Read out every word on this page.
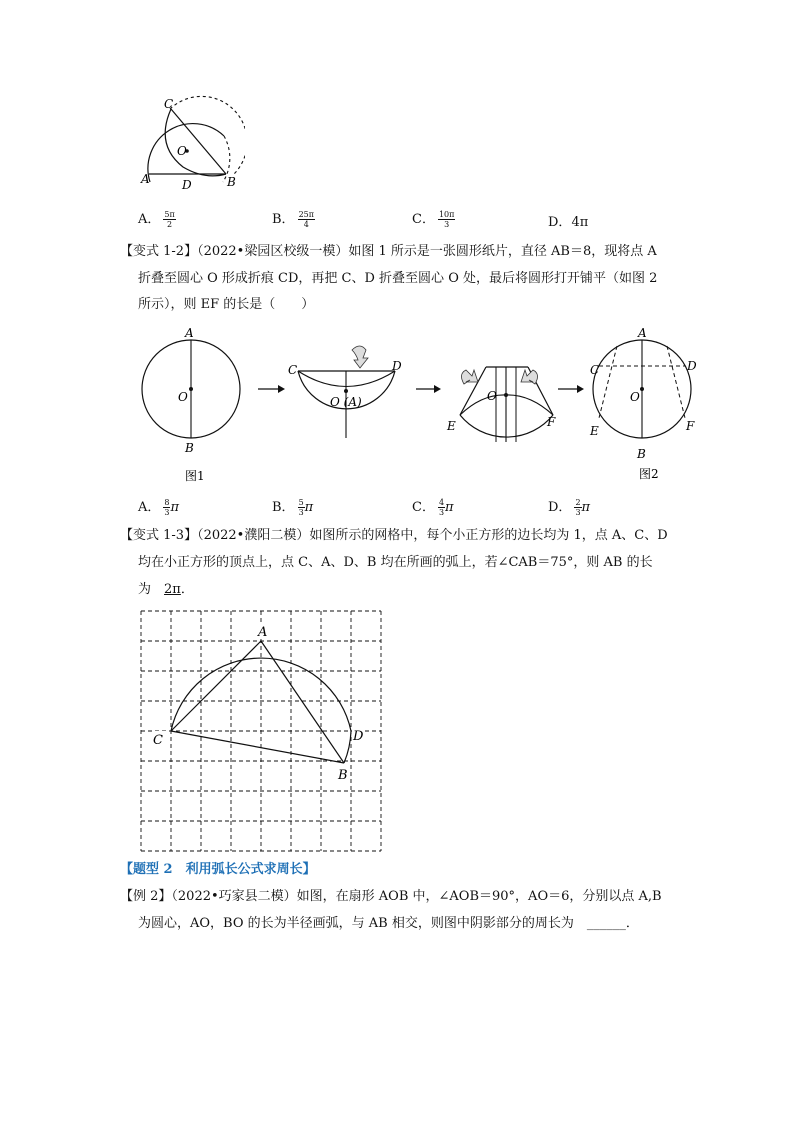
C
O
A	D	B
A． $\frac{5\pi}{2}$	B． $\frac{25\pi}{4}$	C． $\frac{10\pi}{3}$	D．4π
【变式 1-2】（2022•梁园区校级一模）如图 1 所示是一张圆形纸片，直径 AB＝8，现将点 A
折叠至圆心 O 形成折痕 CD，再把 C、D 折叠至圆心 O 处，最后将圆形打开铺平（如图 2
所示），则 EF 的长是（　　）
A
O
B
图1
C	D
O (A)	O
E	F
A
C	D
O
E	F
B
图2
A． $\frac{8}{3}$ π	B． $\frac{5}{3}$ π	C． $\frac{4}{3}$ π	D． $\frac{2}{3}$ π
【变式 1-3】（2022•濮阳二模）如图所示的网格中，每个小正方形的边长均为 1，点 A、C、D
均在小正方形的顶点上，点 C、A、D、B 均在所画的弧上，若∠CAB＝75°，则 AB 的长
为　 2π．
A
C	D
B
【题型 2　利用弧长公式求周长】
【例 2】（2022•巧家县二模）如图，在扇形 AOB 中，∠AOB＝90°，AO＝6，分别以点 A,B
为圆心，AO，BO 的长为半径画弧，与 AB 相交，则图中阴影部分的周长为　 ______．
